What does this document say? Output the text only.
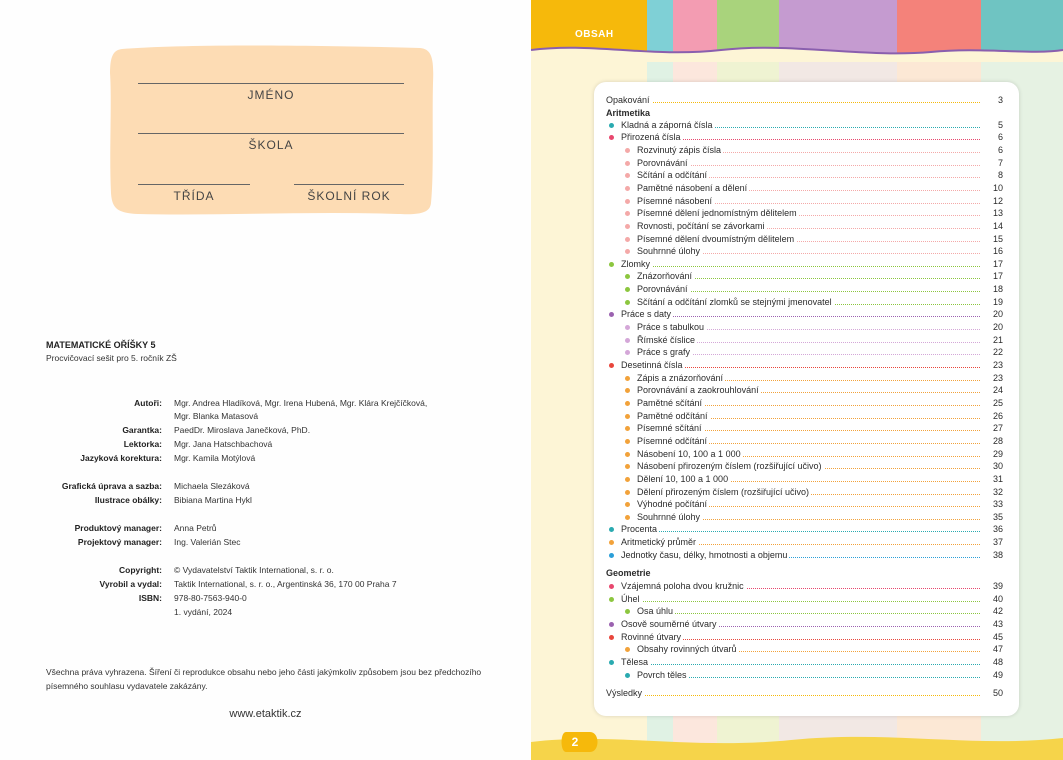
JMÉNO
ŠKOLA
TŘÍDA	ŠKOLNÍ ROK
MATEMATICKÉ OŘÍŠKY 5
Procvičovací sešit pro 5. ročník ZŠ
Autoři: Mgr. Andrea Hladíková, Mgr. Irena Hubená, Mgr. Klára Krejčíčková,
Mgr. Blanka Matasová
Garantka: PaedDr. Miroslava Janečková, PhD.
Lektorka: Mgr. Jana Hatschbachová
Jazyková korektura: Mgr. Kamila Motýlová
Grafická úprava a sazba: Michaela Slezáková
Ilustrace obálky: Bibiana Martina Hykl
Produktový manager: Anna Petrů
Projektový manager: Ing. Valerián Stec
Copyright: © Vydavatelství Taktik International, s. r. o.
Vyrobil a vydal: Taktik International, s. r. o., Argentinská 36, 170 00 Praha 7
ISBN: 978-80-7563-940-0
1. vydání, 2024
Všechna práva vyhrazena. Šíření či reprodukce obsahu nebo jeho části jakýmkoliv způsobem jsou bez předchozího písemného souhlasu vydavatele zakázány.
www.etaktik.cz
OBSAH
Opakování	3
Aritmetika
Kladná a záporná čísla	5
Přirozená čísla	6
Rozvinutý zápis čísla	6
Porovnávání	7
Sčítání a odčítání	8
Pamětné násobení a dělení	10
Písemné násobení	12
Písemné dělení jednomístným dělitelem	13
Rovnosti, počítání se závorkami	14
Písemné dělení dvoumístným dělitelem	15
Souhrnné úlohy	16
Zlomky	17
Znázorňování	17
Porovnávání	18
Sčítání a odčítání zlomků se stejnými jmenovatel	19
Práce s daty	20
Práce s tabulkou	20
Římské číslice	21
Práce s grafy	22
Desetinná čísla	23
Zápis a znázorňování	23
Porovnávání a zaokrouhlování	24
Pamětné sčítání	25
Pamětné odčítání	26
Písemné sčítání	27
Písemné odčítání	28
Násobení 10, 100 a 1 000	29
Násobení přirozeným číslem (rozšiřující učivo)	30
Dělení 10, 100 a 1 000	31
Dělení přirozeným číslem (rozšiřující učivo)	32
Výhodné počítání	33
Souhrnné úlohy	35
Procenta	36
Aritmetický průměr	37
Jednotky času, délky, hmotnosti a objemu	38
Geometrie
Vzájemná poloha dvou kružnic	39
Úhel	40
Osa úhlu	42
Osově souměrné útvary	43
Rovinné útvary	45
Obsahy rovinných útvarů	47
Tělesa	48
Povrch těles	49
Výsledky	50
2
